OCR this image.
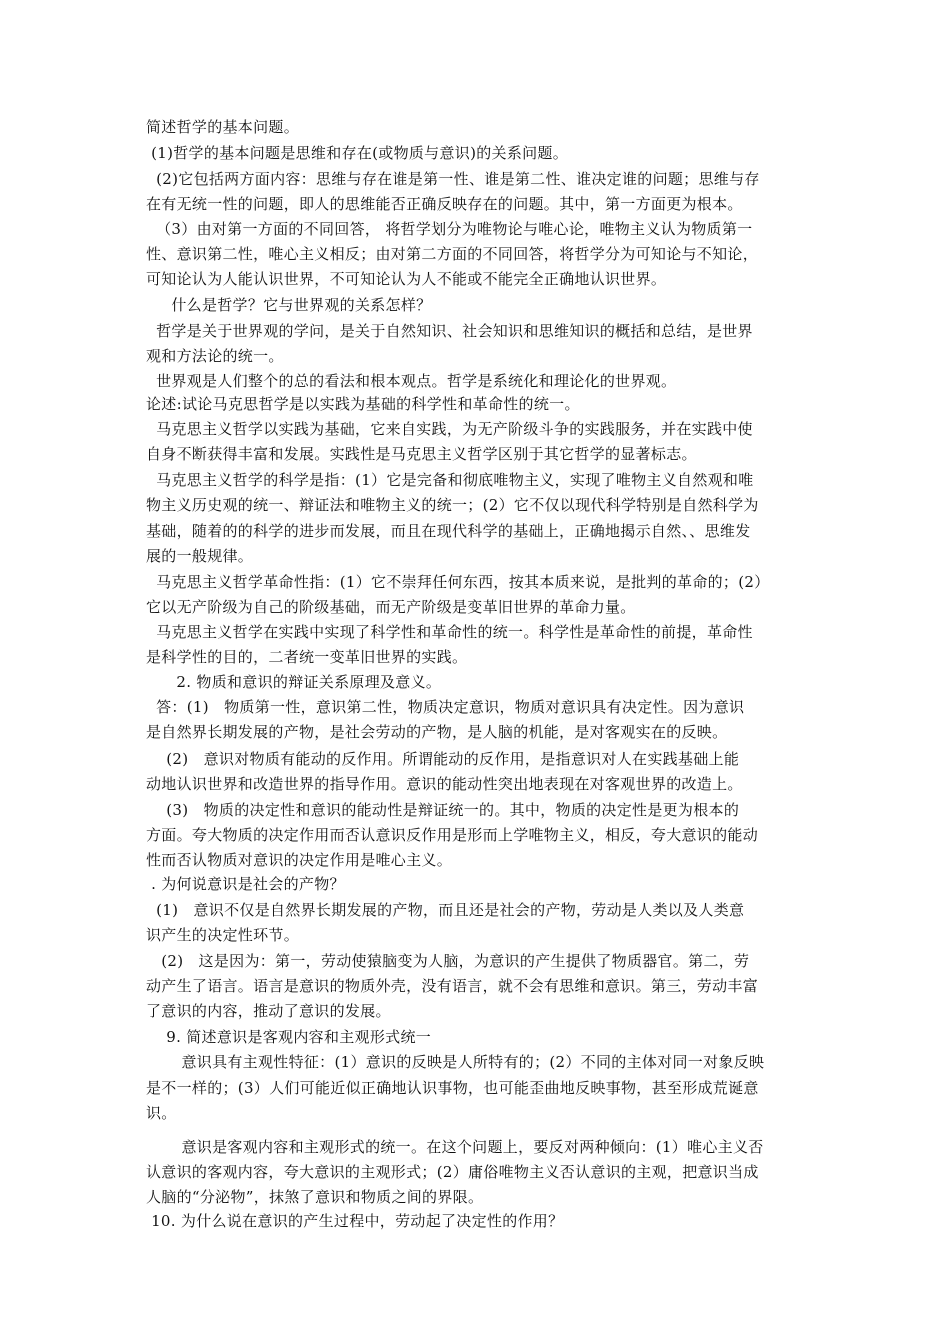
简述哲学的基本问题。
(1)哲学的基本问题是思维和存在(或物质与意识)的关系问题。
(2)它包括两方面内容：思维与存在谁是第一性、谁是第二性、谁决定谁的问题；思维与存
在有无统一性的问题，即人的思维能否正确反映存在的问题。其中，第一方面更为根本。
（3）由对第一方面的不同回答， 将哲学划分为唯物论与唯心论，唯物主义认为物质第一
性、意识第二性，唯心主义相反；由对第二方面的不同回答，将哲学分为可知论与不知论，
可知论认为人能认识世界，不可知论认为人不能或不能完全正确地认识世界。
什么是哲学？它与世界观的关系怎样？
哲学是关于世界观的学问，是关于自然知识、社会知识和思维知识的概括和总结，是世界
观和方法论的统一。
世界观是人们整个的总的看法和根本观点。哲学是系统化和理论化的世界观。
论述:试论马克思哲学是以实践为基础的科学性和革命性的统一。
马克思主义哲学以实践为基础，它来自实践，为无产阶级斗争的实践服务，并在实践中使
自身不断获得丰富和发展。实践性是马克思主义哲学区别于其它哲学的显著标志。
马克思主义哲学的科学是指：(1）它是完备和彻底唯物主义，实现了唯物主义自然观和唯
物主义历史观的统一、辩证法和唯物主义的统一；(2）它不仅以现代科学特别是自然科学为
基础，随着的的科学的进步而发展，而且在现代科学的基础上，正确地揭示自然、、思维发
展的一般规律。
马克思主义哲学革命性指：(1）它不崇拜任何东西，按其本质来说，是批判的革命的；(2）
它以无产阶级为自己的阶级基础，而无产阶级是变革旧世界的革命力量。
马克思主义哲学在实践中实现了科学性和革命性的统一。科学性是革命性的前提，革命性
是科学性的目的，二者统一变革旧世界的实践。
2. 物质和意识的辩证关系原理及意义。
答：(1)   物质第一性，意识第二性，物质决定意识，物质对意识具有决定性。因为意识
是自然界长期发展的产物，是社会劳动的产物，是人脑的机能，是对客观实在的反映。
(2)   意识对物质有能动的反作用。所谓能动的反作用，是指意识对人在实践基础上能
动地认识世界和改造世界的指导作用。意识的能动性突出地表现在对客观世界的改造上。
(3)   物质的决定性和意识的能动性是辩证统一的。其中，物质的决定性是更为根本的
方面。夸大物质的决定作用而否认意识反作用是形而上学唯物主义，相反，夸大意识的能动
性而否认物质对意识的决定作用是唯心主义。
. 为何说意识是社会的产物？
(1)   意识不仅是自然界长期发展的产物，而且还是社会的产物，劳动是人类以及人类意
识产生的决定性环节。
(2)   这是因为：第一，劳动使猿脑变为人脑，为意识的产生提供了物质器官。第二，劳
动产生了语言。语言是意识的物质外壳，没有语言，就不会有思维和意识。第三，劳动丰富
了意识的内容，推动了意识的发展。
9. 简述意识是客观内容和主观形式统一
意识具有主观性特征：(1）意识的反映是人所特有的；(2）不同的主体对同一对象反映
是不一样的；(3）人们可能近似正确地认识事物，也可能歪曲地反映事物，甚至形成荒诞意
识。
意识是客观内容和主观形式的统一。在这个问题上，要反对两种倾向：(1）唯心主义否
认意识的客观内容，夸大意识的主观形式；(2）庸俗唯物主义否认意识的主观，把意识当成
人脑的“分泌物”，抹煞了意识和物质之间的界限。
10. 为什么说在意识的产生过程中，劳动起了决定性的作用？
